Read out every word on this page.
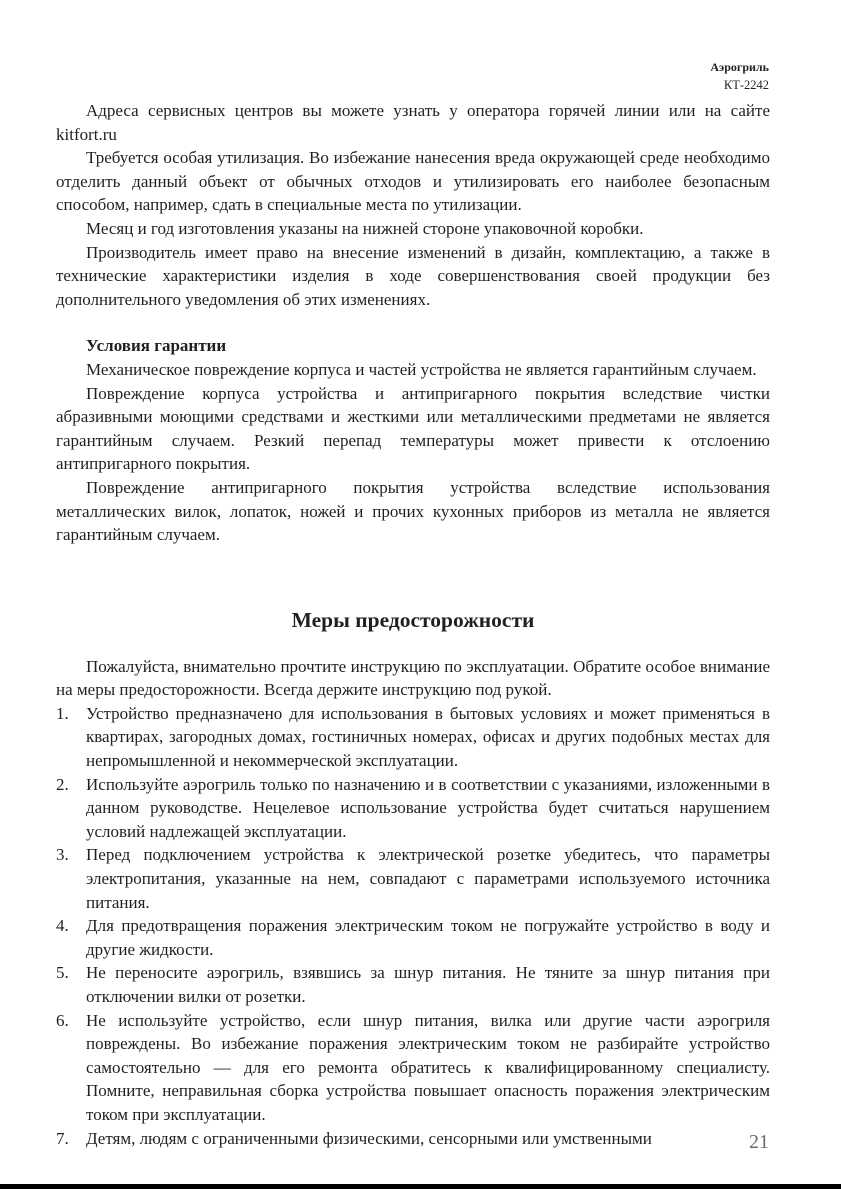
Аэрогриль
КТ-2242

Адреса сервисных центров вы можете узнать у оператора горячей линии или на сайте kitfort.ru

Требуется особая утилизация. Во избежание нанесения вреда окружающей среде необходимо отделить данный объект от обычных отходов и утилизировать его наиболее безопасным способом, например, сдать в специальные места по утилизации.

Месяц и год изготовления указаны на нижней стороне упаковочной коробки.

Производитель имеет право на внесение изменений в дизайн, комплектацию, а также в технические характеристики изделия в ходе совершенствования своей продукции без дополнительного уведомления об этих изменениях.

Условия гарантии

Механическое повреждение корпуса и частей устройства не является гарантийным случаем.

Повреждение корпуса устройства и антипригарного покрытия вследствие чистки абразивными моющими средствами и жесткими или металлическими предметами не является гарантийным случаем. Резкий перепад температуры может привести к отслоению антипригарного покрытия.

Повреждение антипригарного покрытия устройства вследствие использования металлических вилок, лопаток, ножей и прочих кухонных приборов из металла не является гарантийным случаем.

Меры предосторожности

Пожалуйста, внимательно прочтите инструкцию по эксплуатации. Обратите особое внимание на меры предосторожности. Всегда держите инструкцию под рукой.

1. Устройство предназначено для использования в бытовых условиях и может применяться в квартирах, загородных домах, гостиничных номерах, офисах и других подобных местах для непромышленной и некоммерческой эксплуатации.
2. Используйте аэрогриль только по назначению и в соответствии с указаниями, изложенными в данном руководстве. Нецелевое использование устройства будет считаться нарушением условий надлежащей эксплуатации.
3. Перед подключением устройства к электрической розетке убедитесь, что параметры электропитания, указанные на нем, совпадают с параметрами используемого источника питания.
4. Для предотвращения поражения электрическим током не погружайте устройство в воду и другие жидкости.
5. Не переносите аэрогриль, взявшись за шнур питания. Не тяните за шнур питания при отключении вилки от розетки.
6. Не используйте устройство, если шнур питания, вилка или другие части аэрогриля повреждены. Во избежание поражения электрическим током не разбирайте устройство самостоятельно — для его ремонта обратитесь к квалифицированному специалисту. Помните, неправильная сборка устройства повышает опасность поражения электрическим током при эксплуатации.
7. Детям, людям с ограниченными физическими, сенсорными или умственными	21
